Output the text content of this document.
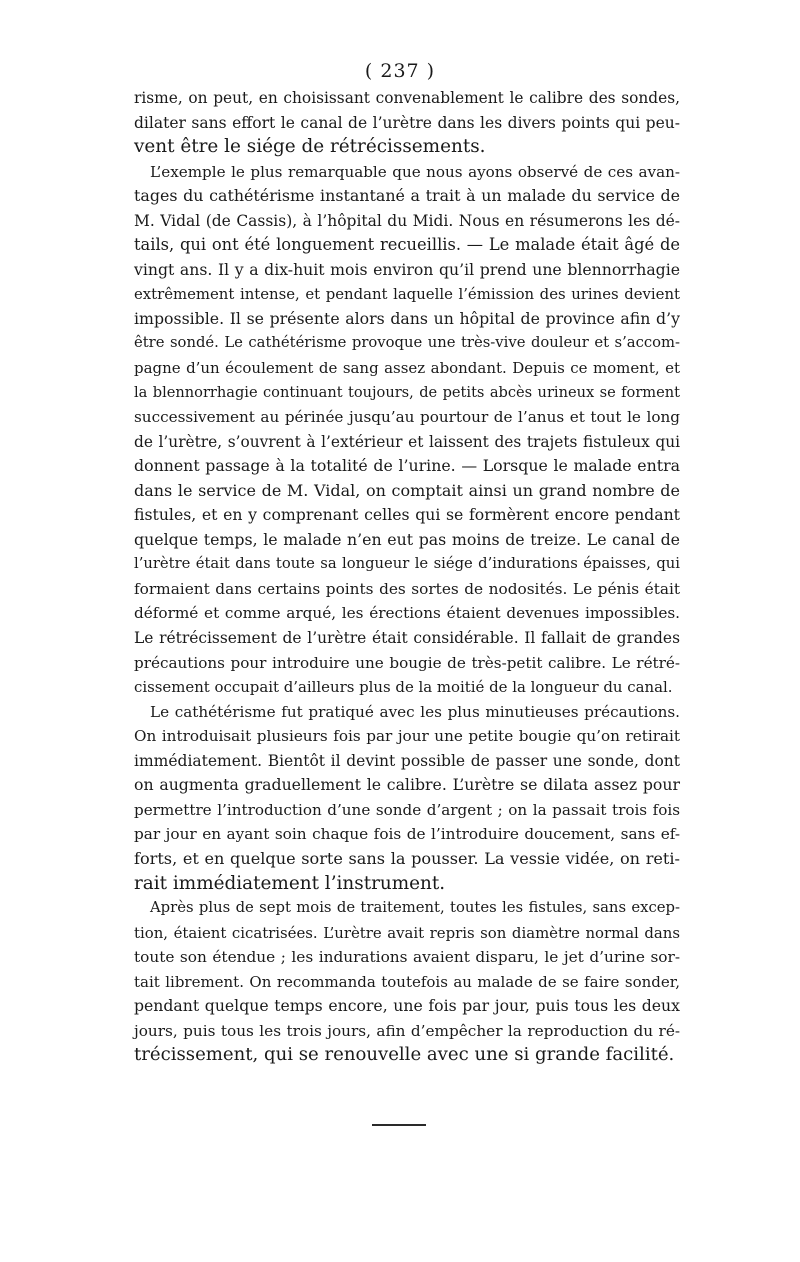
( 237 )
risme, on peut, en choisissant convenablement le calibre des sondes,
dilater sans effort le canal de l’urètre dans les divers points qui peu-
vent être le siége de rétrécissements.
L’exemple le plus remarquable que nous ayons observé de ces avan-
tages du cathétérisme instantané a trait à un malade du service de
M. Vidal (de Cassis), à l’hôpital du Midi. Nous en résumerons les dé-
tails, qui ont été longuement recueillis. — Le malade était âgé de
vingt ans. Il y a dix-huit mois environ qu’il prend une blennorrhagie
extrêmement intense, et pendant laquelle l’émission des urines devient
impossible. Il se présente alors dans un hôpital de province afin d’y
être sondé. Le cathétérisme provoque une très-vive douleur et s’accom-
pagne d’un écoulement de sang assez abondant. Depuis ce moment, et
la blennorrhagie continuant toujours, de petits abcès urineux se forment
successivement au périnée jusqu’au pourtour de l’anus et tout le long
de l’urètre, s’ouvrent à l’extérieur et laissent des trajets fistuleux qui
donnent passage à la totalité de l’urine. — Lorsque le malade entra
dans le service de M. Vidal, on comptait ainsi un grand nombre de
fistules, et en y comprenant celles qui se formèrent encore pendant
quelque temps, le malade n’en eut pas moins de treize. Le canal de
l’urètre était dans toute sa longueur le siége d’indurations épaisses, qui
formaient dans certains points des sortes de nodosités. Le pénis était
déformé et comme arqué, les érections étaient devenues impossibles.
Le rétrécissement de l’urètre était considérable. Il fallait de grandes
précautions pour introduire une bougie de très-petit calibre. Le rétré-
cissement occupait d’ailleurs plus de la moitié de la longueur du canal.
Le cathétérisme fut pratiqué avec les plus minutieuses précautions.
On introduisait plusieurs fois par jour une petite bougie qu’on retirait
immédiatement. Bientôt il devint possible de passer une sonde, dont
on augmenta graduellement le calibre. L’urètre se dilata assez pour
permettre l’introduction d’une sonde d’argent ; on la passait trois fois
par jour en ayant soin chaque fois de l’introduire doucement, sans ef-
forts, et en quelque sorte sans la pousser. La vessie vidée, on reti-
rait immédiatement l’instrument.
Après plus de sept mois de traitement, toutes les fistules, sans excep-
tion, étaient cicatrisées. L’urètre avait repris son diamètre normal dans
toute son étendue ; les indurations avaient disparu, le jet d’urine sor-
tait librement. On recommanda toutefois au malade de se faire sonder,
pendant quelque temps encore, une fois par jour, puis tous les deux
jours, puis tous les trois jours, afin d’empêcher la reproduction du ré-
trécissement, qui se renouvelle avec une si grande facilité.
